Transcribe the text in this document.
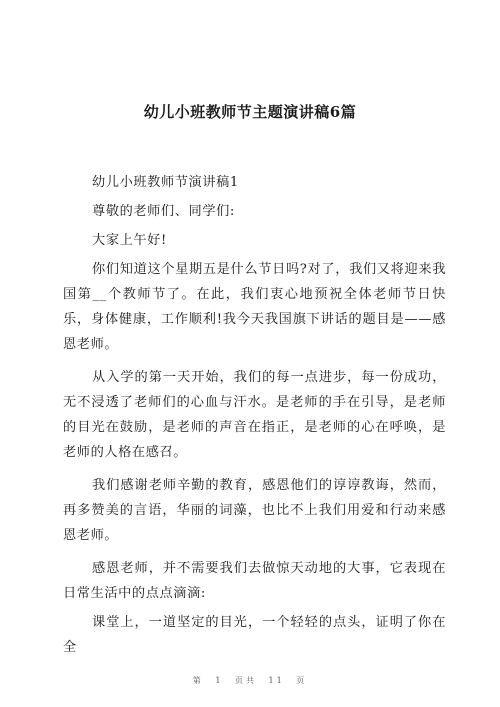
幼儿小班教师节主题演讲稿6篇

幼儿小班教师节演讲稿1

尊敬的老师们、同学们:

大家上午好!

你们知道这个星期五是什么节日吗?对了，我们又将迎来我国第__个教师节了。在此，我们衷心地预祝全体老师节日快乐，身体健康，工作顺利!我今天我国旗下讲话的题目是——感恩老师。

从入学的第一天开始，我们的每一点进步，每一份成功，无不浸透了老师们的心血与汗水。是老师的手在引导，是老师的目光在鼓励，是老师的声音在指正，是老师的心在呼唤，是老师的人格在感召。

我们感谢老师辛勤的教育，感恩他们的谆谆教诲，然而，再多赞美的言语，华丽的词藻，也比不上我们用爱和行动来感恩老师。

感恩老师，并不需要我们去做惊天动地的大事，它表现在日常生活中的点点滴滴:

课堂上，一道坚定的目光，一个轻轻的点头，证明了你在全

第 1 页共 11 页
